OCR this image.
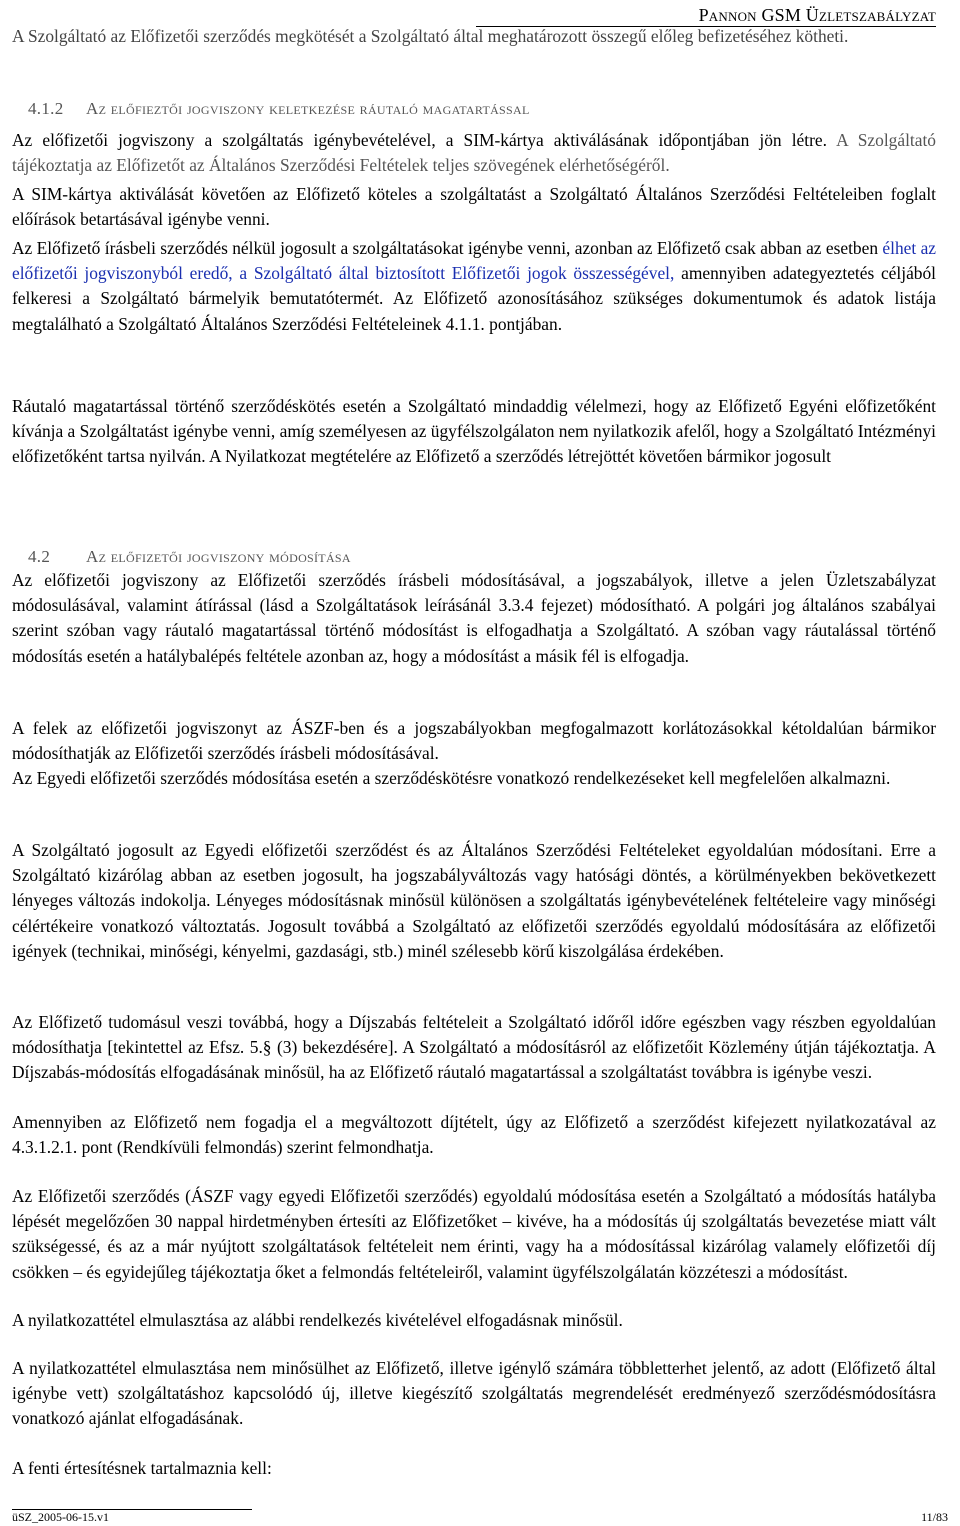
Pannon GSM Üzletszabályzat
A Szolgáltató az Előfizetői szerződés megkötését a Szolgáltató által meghatározott összegű előleg befizetéséhez kötheti.
4.1.2 Az előfieztői jogviszony keletkezése ráutaló magatartással
Az előfizetői jogviszony a szolgáltatás igénybevételével, a SIM-kártya aktiválásának időpontjában jön létre. A Szolgáltató tájékoztatja az Előfizetőt az Általános Szerződési Feltételek teljes szövegének elérhetőségéről.
A SIM-kártya aktiválását követően az Előfizető köteles a szolgáltatást a Szolgáltató Általános Szerződési Feltételeiben foglalt előírások betartásával igénybe venni.
Az Előfizető írásbeli szerződés nélkül jogosult a szolgáltatásokat igénybe venni, azonban az Előfizető csak abban az esetben élhet az előfizetői jogviszonyból eredő, a Szolgáltató által biztosított Előfizetői jogok összességével, amennyiben adategyeztetés céljából felkeresi a Szolgáltató bármelyik bemutatótermét. Az Előfizető azonosításához szükséges dokumentumok és adatok listája megtalálható a Szolgáltató Általános Szerződési Feltételeinek 4.1.1. pontjában.
Ráutaló magatartással történő szerződéskötés esetén a Szolgáltató mindaddig vélelmezi, hogy az Előfizető Egyéni előfizetőként kívánja a Szolgáltatást igénybe venni, amíg személyesen az ügyfélszolgálaton nem nyilatkozik afelől, hogy a Szolgáltató Intézményi előfizetőként tartsa nyilván. A Nyilatkozat megtételére az Előfizető a szerződés létrejöttét követően bármikor jogosult
4.2 Az előfizetői jogviszony módosítása
Az előfizetői jogviszony az Előfizetői szerződés írásbeli módosításával, a jogszabályok, illetve a jelen Üzletszabályzat módosulásával, valamint átírással (lásd a Szolgáltatások leírásánál 3.3.4 fejezet) módosítható. A polgári jog általános szabályai szerint szóban vagy ráutaló magatartással történő módosítást is elfogadhatja a Szolgáltató. A szóban vagy ráutalással történő módosítás esetén a hatálybalépés feltétele azonban az, hogy a módosítást a másik fél is elfogadja.
A felek az előfizetői jogviszonyt az ÁSZF-ben és a jogszabályokban megfogalmazott korlátozásokkal kétoldalúan bármikor módosíthatják az Előfizetői szerződés írásbeli módosításával.
Az Egyedi előfizetői szerződés módosítása esetén a szerződéskötésre vonatkozó rendelkezéseket kell megfelelően alkalmazni.
A Szolgáltató jogosult az Egyedi előfizetői szerződést és az Általános Szerződési Feltételeket egyoldalúan módosítani. Erre a Szolgáltató kizárólag abban az esetben jogosult, ha jogszabályváltozás vagy hatósági döntés, a körülményekben bekövetkezett lényeges változás indokolja. Lényeges módosításnak minősül különösen a szolgáltatás igénybevételének feltételeire vagy minőségi célértékeire vonatkozó változtatás. Jogosult továbbá a Szolgáltató az előfizetői szerződés egyoldalú módosítására az előfizetői igények (technikai, minőségi, kényelmi, gazdasági, stb.) minél szélesebb körű kiszolgálása érdekében.
Az Előfizető tudomásul veszi továbbá, hogy a Díjszabás feltételeit a Szolgáltató időről időre egészben vagy részben egyoldalúan módosíthatja [tekintettel az Efsz. 5.§ (3) bekezdésére]. A Szolgáltató a módosításról az előfizetőit Közlemény útján tájékoztatja. A Díjszabás-módosítás elfogadásának minősül, ha az Előfizető ráutaló magatartással a szolgáltatást továbbra is igénybe veszi.
Amennyiben az Előfizető nem fogadja el a megváltozott díjtételt, úgy az Előfizető a szerződést kifejezett nyilatkozatával az 4.3.1.2.1. pont (Rendkívüli felmondás) szerint felmondhatja.
Az Előfizetői szerződés (ÁSZF vagy egyedi Előfizetői szerződés) egyoldalú módosítása esetén a Szolgáltató a módosítás hatályba lépését megelőzően 30 nappal hirdetményben értesíti az Előfizetőket – kivéve, ha a módosítás új szolgáltatás bevezetése miatt vált szükségessé, és az a már nyújtott szolgáltatások feltételeit nem érinti, vagy ha a módosítással kizárólag valamely előfizetői díj csökken – és egyidejűleg tájékoztatja őket a felmondás feltételeiről, valamint ügyfélszolgálatán közzéteszi a módosítást.
A nyilatkozattétel elmulasztása az alábbi rendelkezés kivételével elfogadásnak minősül.
A nyilatkozattétel elmulasztása nem minősülhet az Előfizető, illetve igénylő számára többletterhet jelentő, az adott (Előfizető által igénybe vett) szolgáltatáshoz kapcsolódó új, illetve kiegészítő szolgáltatás megrendelését eredményező szerződésmódosításra vonatkozó ajánlat elfogadásának.
A fenti értesítésnek tartalmaznia kell:
üSZ_2005-06-15.v1	11/83
